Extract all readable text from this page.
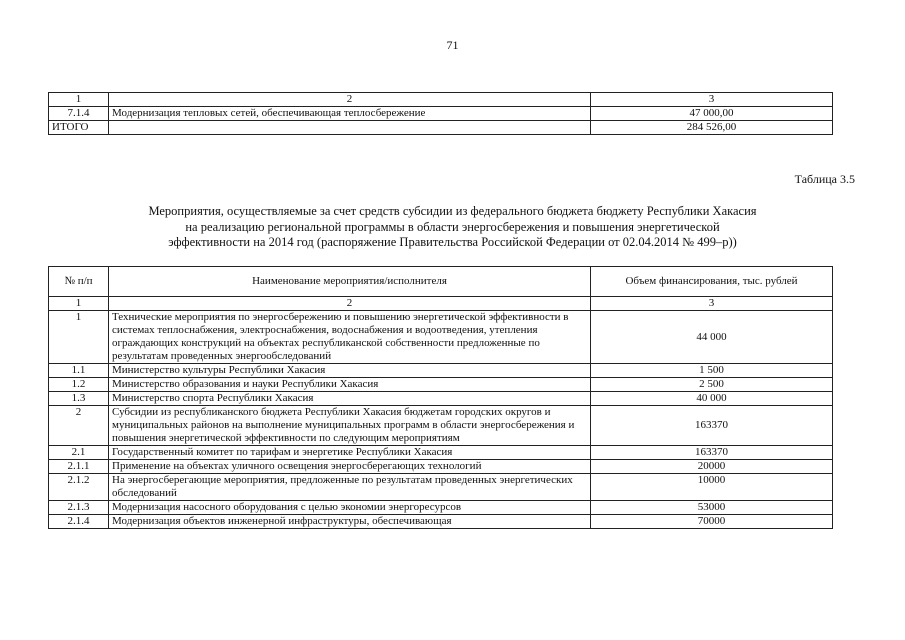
71
1	2	3
7.1.4	Модернизация тепловых сетей, обеспечивающая теплосбережение	47 000,00
ИТОГО		284 526,00
Таблица 3.5
Мероприятия, осуществляемые за счет средств субсидии из федерального бюджета бюджету Республики Хакасия
на реализацию региональной программы в области энергосбережения и повышения энергетической
эффективности на 2014 год (распоряжение Правительства Российской Федерации от 02.04.2014 № 499–р))
№ п/п	Наименование мероприятия/исполнителя	Объем финансирования, тыс. рублей
1	2	3
1	Технические мероприятия по энергосбережению и повышению энергетической эффективности в системах теплоснабжения, электроснабжения, водоснабжения и водоотведения, утепления ограждающих конструкций на объектах республиканской собственности предложенные по результатам проведенных энергообследований	44 000
1.1	Министерство культуры Республики Хакасия	1 500
1.2	Министерство образования и науки Республики Хакасия	2 500
1.3	Министерство спорта Республики Хакасия	40 000
2	Субсидии из республиканского бюджета Республики Хакасия бюджетам городских округов и муниципальных районов на выполнение муниципальных программ в области энергосбережения и повышения энергетической эффективности по следующим мероприятиям	163370
2.1	Государственный комитет по тарифам и энергетике Республики Хакасия	163370
2.1.1	Применение на объектах уличного освещения энергосберегающих технологий	20000
2.1.2	На энергосберегающие мероприятия, предложенные по результатам проведенных энергетических обследований	10000
2.1.3	Модернизация насосного оборудования с целью экономии энергоресурсов	53000
2.1.4	Модернизация объектов инженерной инфраструктуры, обеспечивающая	70000
